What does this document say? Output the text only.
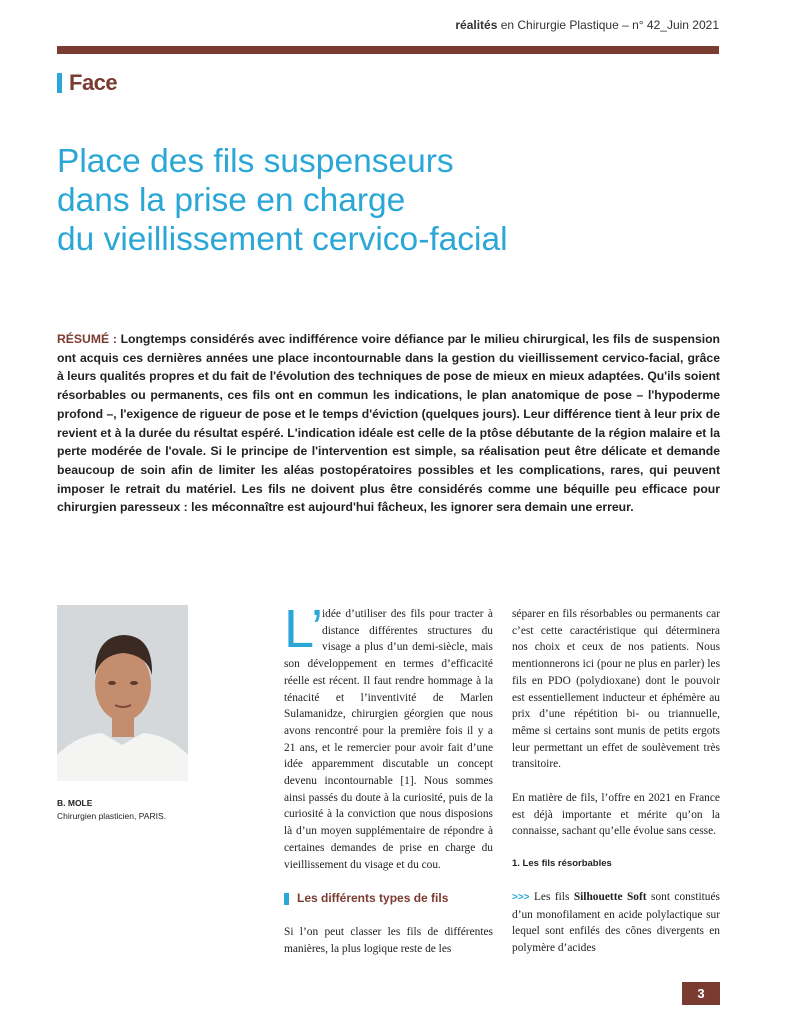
réalités en Chirurgie Plastique – n° 42_Juin 2021
Face
Place des fils suspenseurs
dans la prise en charge
du vieillissement cervico-facial
RÉSUMÉ : Longtemps considérés avec indifférence voire défiance par le milieu chirurgical, les fils de suspension ont acquis ces dernières années une place incontournable dans la gestion du vieillissement cervico-facial, grâce à leurs qualités propres et du fait de l'évolution des techniques de pose de mieux en mieux adaptées. Qu'ils soient résorbables ou permanents, ces fils ont en commun les indications, le plan anatomique de pose – l'hypoderme profond –, l'exigence de rigueur de pose et le temps d'éviction (quelques jours). Leur différence tient à leur prix de revient et à la durée du résultat espéré. L'indication idéale est celle de la ptôse débutante de la région malaire et la perte modérée de l'ovale. Si le principe de l'intervention est simple, sa réalisation peut être délicate et demande beaucoup de soin afin de limiter les aléas postopératoires possibles et les complications, rares, qui peuvent imposer le retrait du matériel. Les fils ne doivent plus être considérés comme une béquille peu efficace pour chirurgien paresseux : les méconnaître est aujourd'hui fâcheux, les ignorer sera demain une erreur.
B. MOLE
Chirurgien plasticien, PARIS.
L’

idée d’utiliser des fils pour tracter à distance différentes structures du visage a plus d’un demi-siècle, mais son développement en termes d’efficacité réelle est récent. Il faut rendre hommage à la ténacité et l’inventivité de Marlen Sulamanidze, chirurgien géorgien que nous avons rencontré pour la première fois il y a 21 ans, et le remercier pour avoir fait d’une idée apparemment discutable un concept devenu incontournable [1]. Nous sommes ainsi passés du doute à la curiosité, puis de la curiosité à la conviction que nous disposions là d’un moyen supplémentaire de répondre à certaines demandes de prise en charge du vieillissement du visage et du cou.

Les différents types de fils

Si l’on peut classer les fils de différentes manières, la plus logique reste de les

séparer en fils résorbables ou permanents car c’est cette caractéristique qui déterminera nos choix et ceux de nos patients. Nous mentionnerons ici (pour ne plus en parler) les fils en PDO (polydioxane) dont le pouvoir est essentiellement inducteur et éphémère au prix d’une répétition bi- ou triannuelle, même si certains sont munis de petits ergots leur permettant un effet de soulèvement très transitoire.

En matière de fils, l’offre en 2021 en France est déjà importante et mérite qu’on la connaisse, sachant qu’elle évolue sans cesse.

1. Les fils résorbables

>>> Les fils Silhouette Soft sont constitués d’un monofilament en acide polylactique sur lequel sont enfilés des cônes divergents en polymère d’acides

3
